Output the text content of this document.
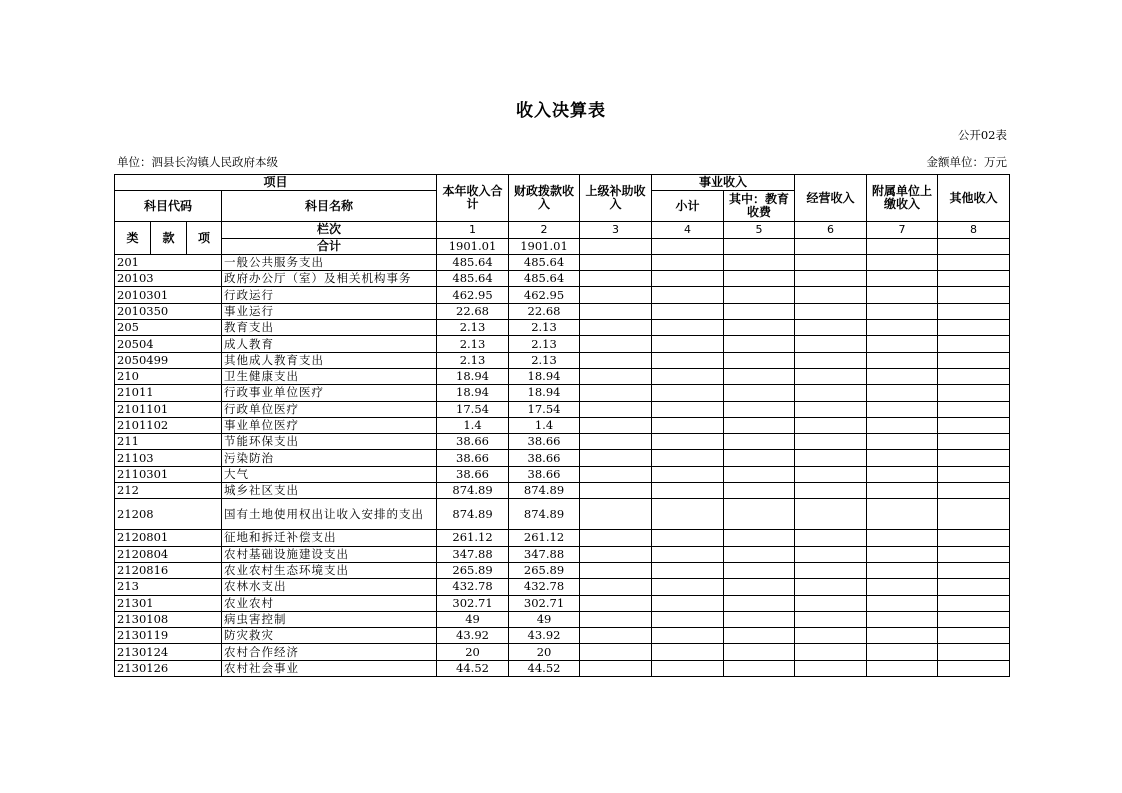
收入决算表
公开02表
单位：泗县长沟镇人民政府本级	金额单位：万元
项目				本年收入合计	财政拨款收入	上级补助收入	事业收入		经营收入	附属单位上缴收入	其他收入
科目代码			科目名称				小计	其中：教育收费			
类	款	项	栏次	1	2	3	4	5	6	7	8
			合计	1901.01	1901.01						
201			一般公共服务支出	485.64	485.64						
20103			政府办公厅（室）及相关机构事务	485.64	485.64						
2010301			行政运行	462.95	462.95						
2010350			事业运行	22.68	22.68						
205			教育支出	2.13	2.13						
20504			成人教育	2.13	2.13						
2050499			其他成人教育支出	2.13	2.13						
210			卫生健康支出	18.94	18.94						
21011			行政事业单位医疗	18.94	18.94						
2101101			行政单位医疗	17.54	17.54						
2101102			事业单位医疗	1.4	1.4						
211			节能环保支出	38.66	38.66						
21103			污染防治	38.66	38.66						
2110301			大气	38.66	38.66						
212			城乡社区支出	874.89	874.89						
21208			国有土地使用权出让收入安排的支出	874.89	874.89						
2120801			征地和拆迁补偿支出	261.12	261.12						
2120804			农村基础设施建设支出	347.88	347.88						
2120816			农业农村生态环境支出	265.89	265.89						
213			农林水支出	432.78	432.78						
21301			农业农村	302.71	302.71						
2130108			病虫害控制	49	49						
2130119			防灾救灾	43.92	43.92						
2130124			农村合作经济	20	20						
2130126			农村社会事业	44.52	44.52						
